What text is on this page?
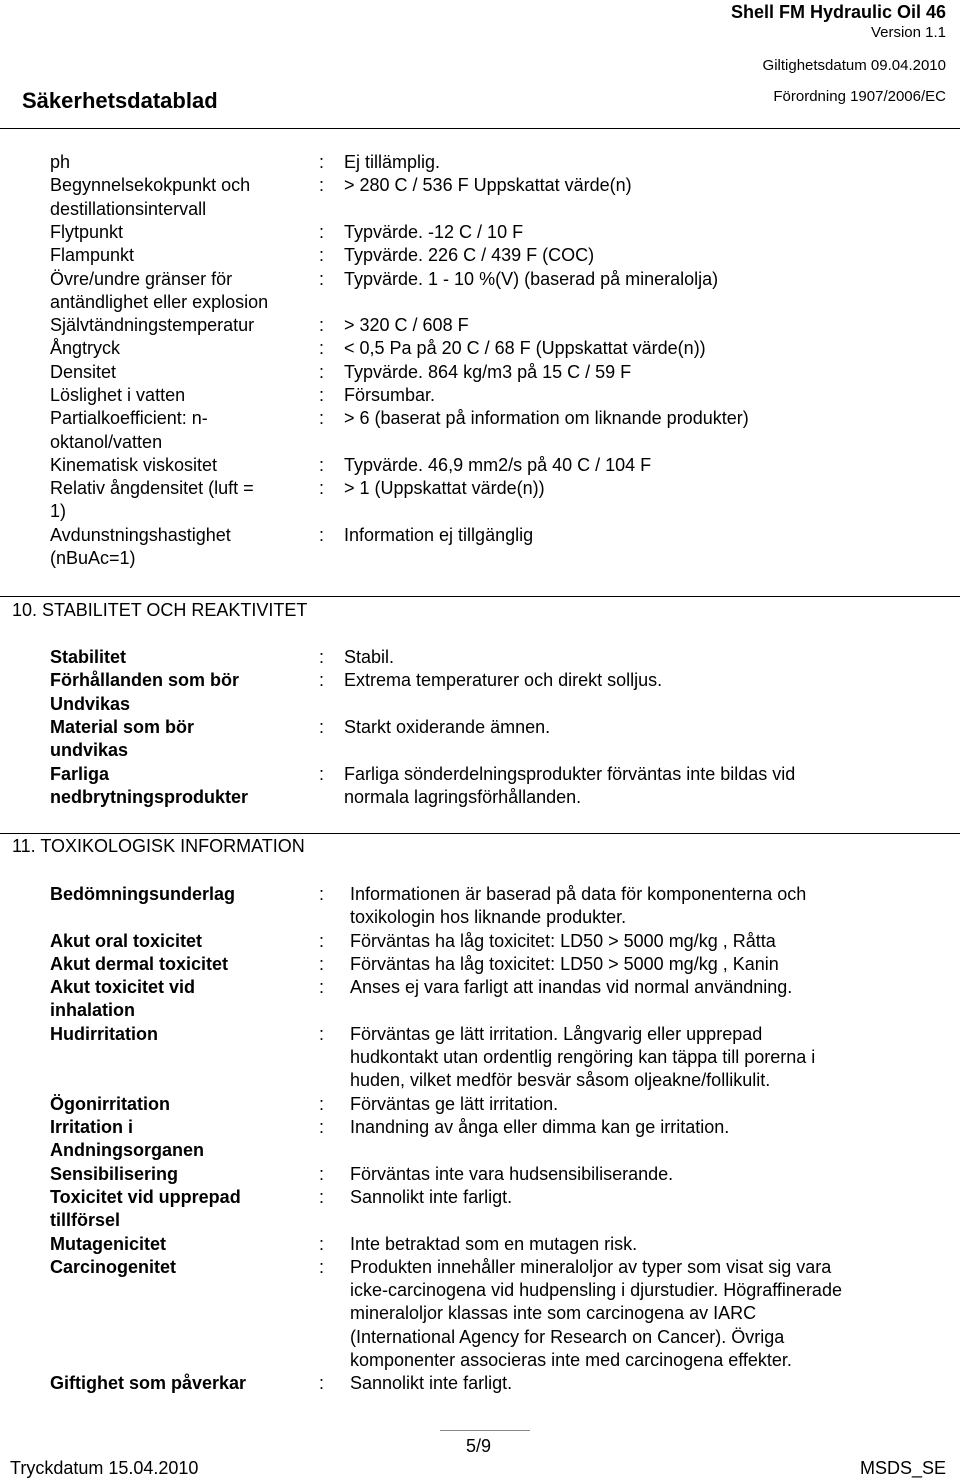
Shell FM Hydraulic Oil 46
Version 1.1
Giltighetsdatum 09.04.2010
Säkerhetsdatablad	Förordning 1907/2006/EC
ph	: Ej tillämplig.
Begynnelsekokpunkt och
destillationsintervall
: > 280 C / 536 F Uppskattat värde(n)
Flytpunkt	: Typvärde. -12 C / 10 F
Flampunkt	: Typvärde. 226 C / 439 F (COC)
Övre/undre gränser för
antändlighet eller explosion
: Typvärde. 1 - 10 %(V) (baserad på mineralolja)
Självtändningstemperatur	: > 320 C / 608 F
Ångtryck	: < 0,5 Pa på 20 C / 68 F (Uppskattat värde(n))
Densitet	: Typvärde. 864 kg/m3 på 15 C / 59 F
Löslighet i vatten	: Försumbar.
Partialkoefficient: n-
oktanol/vatten
: > 6 (baserat på information om liknande produkter)
Kinematisk viskositet	: Typvärde. 46,9 mm2/s på 40 C / 104 F
Relativ ångdensitet (luft =
1)
: > 1 (Uppskattat värde(n))
Avdunstningshastighet
(nBuAc=1)
: Information ej tillgänglig
10. STABILITET OCH REAKTIVITET
Stabilitet	: Stabil.
Förhållanden som bör
Undvikas
: Extrema temperaturer och direkt solljus.
Material som bör
undvikas
: Starkt oxiderande ämnen.
Farliga
nedbrytningsprodukter
: Farliga sönderdelningsprodukter förväntas inte bildas vid
normala lagringsförhållanden.
11. TOXIKOLOGISK INFORMATION
Bedömningsunderlag	: Informationen är baserad på data för komponenterna och
toxikologin hos liknande produkter.
Akut oral toxicitet	: Förväntas ha låg toxicitet: LD50 > 5000 mg/kg , Råtta
Akut dermal toxicitet	: Förväntas ha låg toxicitet: LD50 > 5000 mg/kg , Kanin
Akut toxicitet vid
inhalation
: Anses ej vara farligt att inandas vid normal användning.
Hudirritation	: Förväntas ge lätt irritation. Långvarig eller upprepad
hudkontakt utan ordentlig rengöring kan täppa till porerna i
huden, vilket medför besvär såsom oljeakne/follikulit.
Ögonirritation	: Förväntas ge lätt irritation.
Irritation i
Andningsorganen
: Inandning av ånga eller dimma kan ge irritation.
Sensibilisering	: Förväntas inte vara hudsensibiliserande.
Toxicitet vid upprepad
tillförsel
: Sannolikt inte farligt.
Mutagenicitet	: Inte betraktad som en mutagen risk.
Carcinogenitet	: Produkten innehåller mineraloljor av typer som visat sig vara
icke-carcinogena vid hudpensling i djurstudier. Högraffinerade
mineraloljor klassas inte som carcinogena av IARC
(International Agency for Research on Cancer). Övriga
komponenter associeras inte med carcinogena effekter.
Giftighet som påverkar	: Sannolikt inte farligt.
5/9
Tryckdatum 15.04.2010	MSDS_SE
